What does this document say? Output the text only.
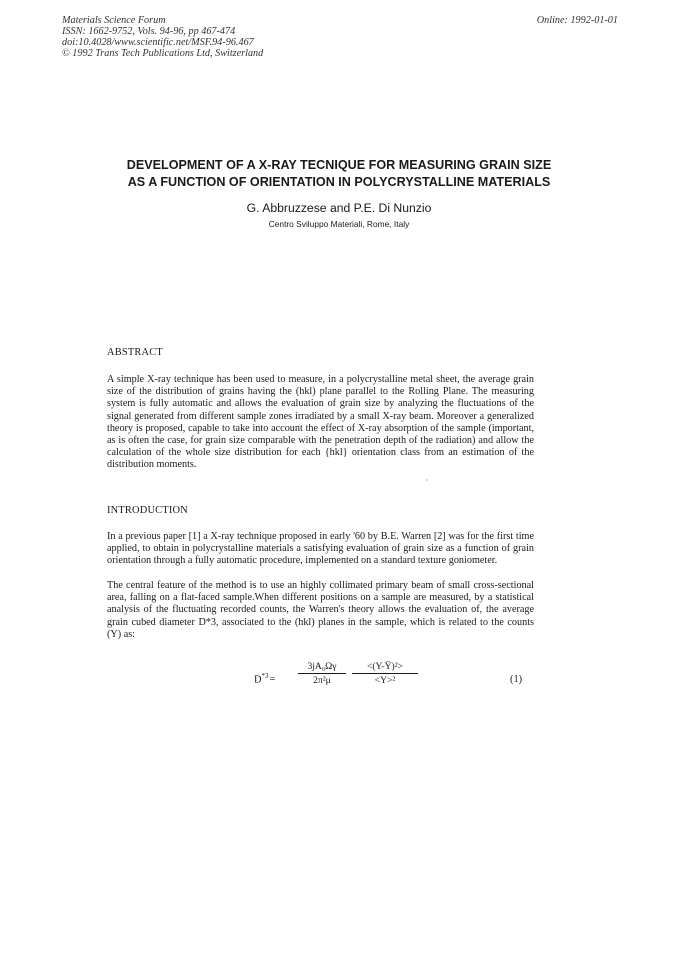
Materials Science Forum
ISSN: 1662-9752, Vols. 94-96, pp 467-474
doi:10.4028/www.scientific.net/MSF.94-96.467
© 1992 Trans Tech Publications Ltd, Switzerland
Online: 1992-01-01
DEVELOPMENT OF A X-RAY TECNIQUE FOR MEASURING GRAIN SIZE
AS A FUNCTION OF ORIENTATION IN POLYCRYSTALLINE MATERIALS
G. Abbruzzese and P.E. Di Nunzio
Centro Sviluppo Materiali, Rome, Italy
ABSTRACT
A simple X-ray technique has been used to measure, in a polycrystalline metal sheet, the average grain size of the distribution of grains having the (hkl) plane parallel to the Rolling Plane. The measuring system is fully automatic and allows the evaluation of grain size by analyzing the fluctuations of the signal generated from different sample zones irradiated by a small X-ray beam. Moreover a generalized theory is proposed, capable to take into account the effect of X-ray absorption of the sample (important, as is often the case, for grain size comparable with the penetration depth of the radiation) and allow the calculation of the whole size distribution for each {hkl} orientation class from an estimation of the distribution moments.
INTRODUCTION
In a previous paper [1] a X-ray technique proposed in early '60 by B.E. Warren [2] was for the first time applied, to obtain in polycrystalline materials a satisfying evaluation of grain size as a function of grain orientation through a fully automatic procedure, implemented on a standard texture goniometer.
The central feature of the method is to use an highly collimated primary beam of small cross-sectional area, falling on a flat-faced sample.When different positions on a sample are measured, by a statistical analysis of the fluctuating recorded counts, the Warren's theory allows the evaluation of, the average grain cubed diameter D*3, associated to the (hkl) planes in the sample, which is related to the counts (Y) as:
$D^{*3}=$
3jA₀Ωγ
2π²μ
<(Y-Ȳ)²>
<Y>²	(1)
